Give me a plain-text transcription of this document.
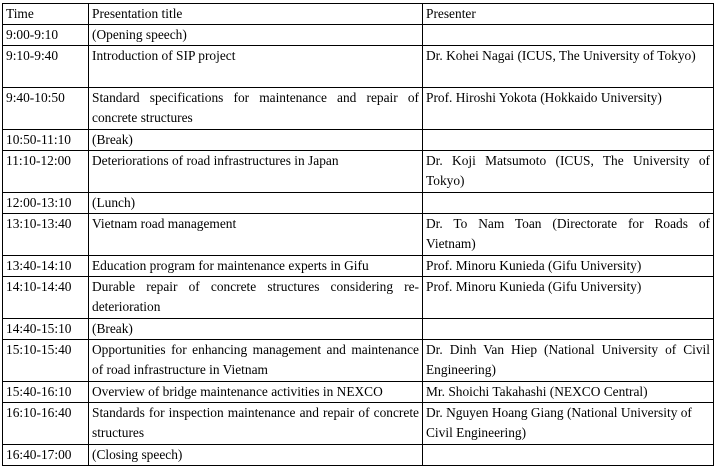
Time	Presentation title	Presenter
9:00-9:10	(Opening speech)	
9:10-9:40	Introduction of SIP project	Dr. Kohei Nagai (ICUS, The University of Tokyo)
9:40-10:50	Standard specifications for maintenance and repair of concrete structures	Prof. Hiroshi Yokota (Hokkaido University)
10:50-11:10	(Break)	
11:10-12:00	Deteriorations of road infrastructures in Japan	Dr. Koji Matsumoto (ICUS, The University of Tokyo)
12:00-13:10	(Lunch)	
13:10-13:40	Vietnam road management	Dr. To Nam Toan (Directorate for Roads of Vietnam)
13:40-14:10	Education program for maintenance experts in Gifu	Prof. Minoru Kunieda (Gifu University)
14:10-14:40	Durable repair of concrete structures considering re-deterioration	Prof. Minoru Kunieda (Gifu University)
14:40-15:10	(Break)	
15:10-15:40	Opportunities for enhancing management and maintenance of road infrastructure in Vietnam	Dr. Dinh Van Hiep (National University of Civil Engineering)
15:40-16:10	Overview of bridge maintenance activities in NEXCO	Mr. Shoichi Takahashi (NEXCO Central)
16:10-16:40	Standards for inspection maintenance and repair of concrete structures	Dr. Nguyen Hoang Giang (National University of Civil Engineering)
16:40-17:00	(Closing speech)	
